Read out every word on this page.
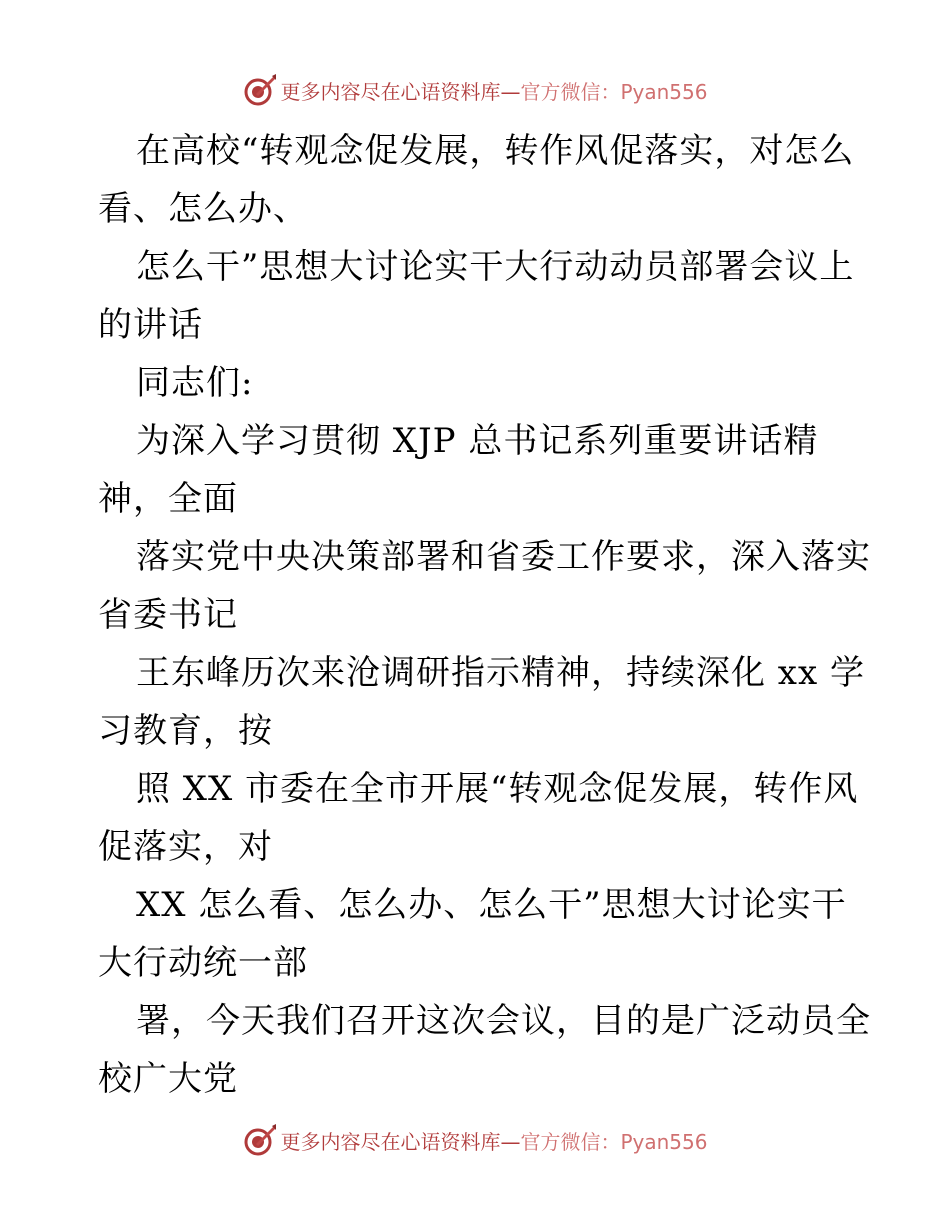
更多内容尽在心语资料库—官方微信：Pyan556
在高校“转观念促发展，转作风促落实，对怎么
看、怎么办、
怎么干”思想大讨论实干大行动动员部署会议上
的讲话
同志们:
为深入学习贯彻 XJP 总书记系列重要讲话精
神，全面
落实党中央决策部署和省委工作要求，深入落实
省委书记
王东峰历次来沧调研指示精神，持续深化 xx 学
习教育，按
照 XX 市委在全市开展“转观念促发展，转作风
促落实，对
XX 怎么看、怎么办、怎么干”思想大讨论实干
大行动统一部
署，今天我们召开这次会议，目的是广泛动员全
校广大党
更多内容尽在心语资料库—官方微信：Pyan556
